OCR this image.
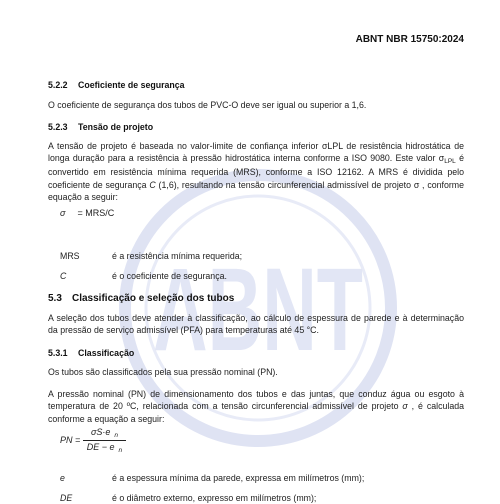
ABNT
ABNT NBR 15750:2024
5.2.2 Coeficiente de segurança

O coeficiente de segurança dos tubos de PVC-O deve ser igual ou superior a 1,6.

5.2.3 Tensão de projeto

A tensão de projeto é baseada no valor-limite de confiança inferior σLPL de resistência hidrostática de longa duração para a resistência à pressão hidrostática interna conforme a ISO 9080. Este valor $\sigma_{LPL}$ é convertido em resistência mínima requerida (MRS), conforme a ISO 12162. A MRS é dividida pelo coeficiente de segurança C (1,6), resultando na tensão circunferencial admissível de projeto σ , conforme equação a seguir:

σ = MRS/C
MRS	é a resistência mínima requerida;
C	é o coeficiente de segurança.
5.3 Classificação e seleção dos tubos

A seleção dos tubos deve atender à classificação, ao cálculo de espessura de parede e à determinação da pressão de serviço admissível (PFA) para temperaturas até 45 °C.

5.3.1 Classificação

Os tubos são classificados pela sua pressão nominal (PN).

A pressão nominal (PN) de dimensionamento dos tubos e das juntas, que conduz água ou esgoto à temperatura de 20 ºC, relacionada com a tensão circunferencial admissível de projeto σ , é calculada conforme a equação a seguir:

PN = $\frac{\sigma S\cdot e _n}{DE - e _n}$
e	é a espessura mínima da parede, expressa em milímetros (mm);
DE	é o diâmetro externo, expresso em milímetros (mm);
